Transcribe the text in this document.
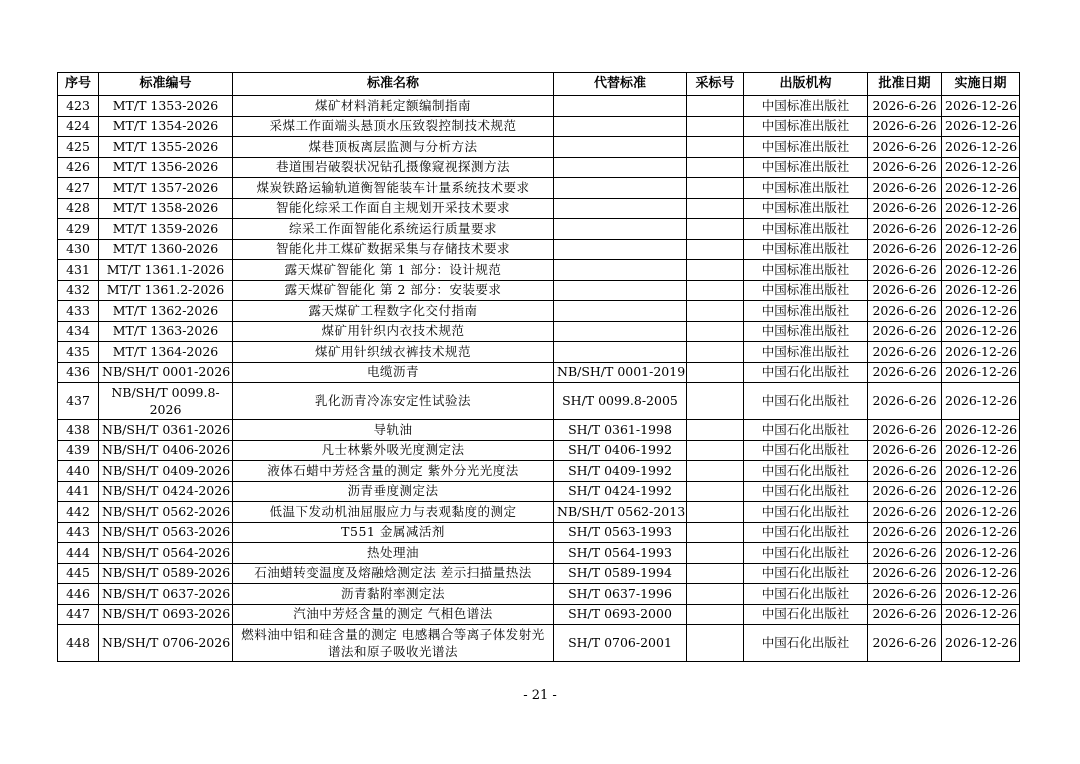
序号	标准编号	标准名称	代替标准	采标号	出版机构	批准日期	实施日期
423	MT/T 1353-2026	煤矿材料消耗定额编制指南			中国标准出版社	2026-6-26	2026-12-26
424	MT/T 1354-2026	采煤工作面端头悬顶水压致裂控制技术规范			中国标准出版社	2026-6-26	2026-12-26
425	MT/T 1355-2026	煤巷顶板离层监测与分析方法			中国标准出版社	2026-6-26	2026-12-26
426	MT/T 1356-2026	巷道围岩破裂状况钻孔摄像窥视探测方法			中国标准出版社	2026-6-26	2026-12-26
427	MT/T 1357-2026	煤炭铁路运输轨道衡智能装车计量系统技术要求			中国标准出版社	2026-6-26	2026-12-26
428	MT/T 1358-2026	智能化综采工作面自主规划开采技术要求			中国标准出版社	2026-6-26	2026-12-26
429	MT/T 1359-2026	综采工作面智能化系统运行质量要求			中国标准出版社	2026-6-26	2026-12-26
430	MT/T 1360-2026	智能化井工煤矿数据采集与存储技术要求			中国标准出版社	2026-6-26	2026-12-26
431	MT/T 1361.1-2026	露天煤矿智能化 第 1 部分：设计规范			中国标准出版社	2026-6-26	2026-12-26
432	MT/T 1361.2-2026	露天煤矿智能化 第 2 部分：安装要求			中国标准出版社	2026-6-26	2026-12-26
433	MT/T 1362-2026	露天煤矿工程数字化交付指南			中国标准出版社	2026-6-26	2026-12-26
434	MT/T 1363-2026	煤矿用针织内衣技术规范			中国标准出版社	2026-6-26	2026-12-26
435	MT/T 1364-2026	煤矿用针织绒衣裤技术规范			中国标准出版社	2026-6-26	2026-12-26
436	NB/SH/T 0001-2026	电缆沥青	NB/SH/T 0001-2019		中国石化出版社	2026-6-26	2026-12-26
437	NB/SH/T 0099.8-2026	乳化沥青冷冻安定性试验法	SH/T 0099.8-2005		中国石化出版社	2026-6-26	2026-12-26
438	NB/SH/T 0361-2026	导轨油	SH/T 0361-1998		中国石化出版社	2026-6-26	2026-12-26
439	NB/SH/T 0406-2026	凡士林紫外吸光度测定法	SH/T 0406-1992		中国石化出版社	2026-6-26	2026-12-26
440	NB/SH/T 0409-2026	液体石蜡中芳烃含量的测定 紫外分光光度法	SH/T 0409-1992		中国石化出版社	2026-6-26	2026-12-26
441	NB/SH/T 0424-2026	沥青垂度测定法	SH/T 0424-1992		中国石化出版社	2026-6-26	2026-12-26
442	NB/SH/T 0562-2026	低温下发动机油屈服应力与表观黏度的测定	NB/SH/T 0562-2013		中国石化出版社	2026-6-26	2026-12-26
443	NB/SH/T 0563-2026	T551 金属减活剂	SH/T 0563-1993		中国石化出版社	2026-6-26	2026-12-26
444	NB/SH/T 0564-2026	热处理油	SH/T 0564-1993		中国石化出版社	2026-6-26	2026-12-26
445	NB/SH/T 0589-2026	石油蜡转变温度及熔融焓测定法 差示扫描量热法	SH/T 0589-1994		中国石化出版社	2026-6-26	2026-12-26
446	NB/SH/T 0637-2026	沥青黏附率测定法	SH/T 0637-1996		中国石化出版社	2026-6-26	2026-12-26
447	NB/SH/T 0693-2026	汽油中芳烃含量的测定 气相色谱法	SH/T 0693-2000		中国石化出版社	2026-6-26	2026-12-26
448	NB/SH/T 0706-2026	燃料油中铝和硅含量的测定 电感耦合等离子体发射光谱法和原子吸收光谱法	SH/T 0706-2001		中国石化出版社	2026-6-26	2026-12-26
- 21 -
